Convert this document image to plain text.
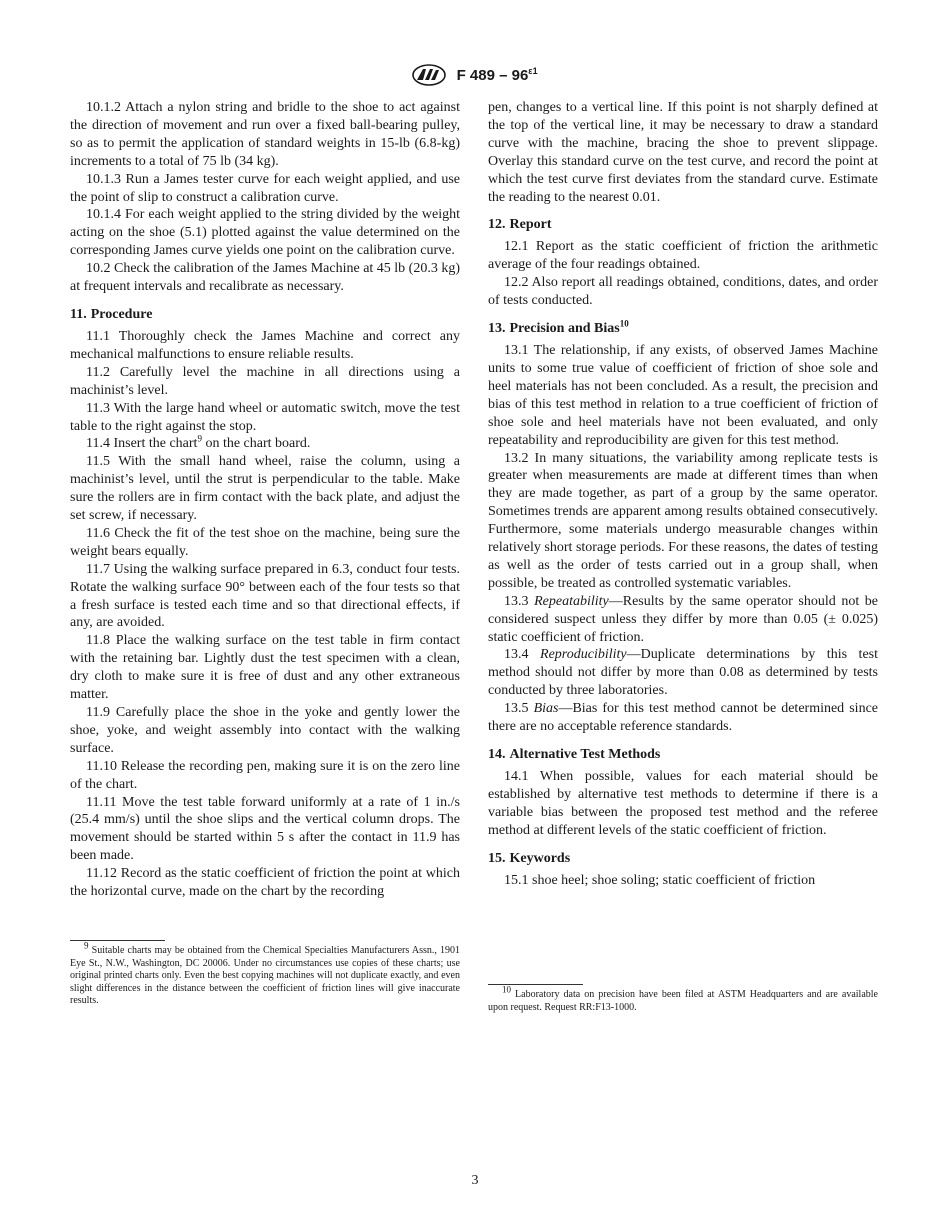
F $489 - 96^{\varepsilon 1}$

10.1.2 Attach a nylon string and bridle to the shoe to act against the direction of movement and run over a fixed ball-bearing pulley, so as to permit the application of standard weights in 15-lb (6.8-kg) increments to a total of 75 lb (34 kg).

10.1.3 Run a James tester curve for each weight applied, and use the point of slip to construct a calibration curve.

10.1.4 For each weight applied to the string divided by the weight acting on the shoe (5.1) plotted against the value determined on the corresponding James curve yields one point on the calibration curve.

10.2 Check the calibration of the James Machine at 45 lb (20.3 kg) at frequent intervals and recalibrate as necessary.

11. Procedure

11.1 Thoroughly check the James Machine and correct any mechanical malfunctions to ensure reliable results.

11.2 Carefully level the machine in all directions using a machinist’s level.

11.3 With the large hand wheel or automatic switch, move the test table to the right against the stop.

11.4 Insert the chart$^9$ on the chart board.

11.5 With the small hand wheel, raise the column, using a machinist’s level, until the strut is perpendicular to the table. Make sure the rollers are in firm contact with the back plate, and adjust the set screw, if necessary.

11.6 Check the fit of the test shoe on the machine, being sure the weight bears equally.

11.7 Using the walking surface prepared in 6.3, conduct four tests. Rotate the walking surface 90° between each of the four tests so that a fresh surface is tested each time and so that directional effects, if any, are avoided.

11.8 Place the walking surface on the test table in firm contact with the retaining bar. Lightly dust the test specimen with a clean, dry cloth to make sure it is free of dust and any other extraneous matter.

11.9 Carefully place the shoe in the yoke and gently lower the shoe, yoke, and weight assembly into contact with the walking surface.

11.10 Release the recording pen, making sure it is on the zero line of the chart.

11.11 Move the test table forward uniformly at a rate of 1 in./s (25.4 mm/s) until the shoe slips and the vertical column drops. The movement should be started within 5 s after the contact in 11.9 has been made.

11.12 Record as the static coefficient of friction the point at which the horizontal curve, made on the chart by the recording

$^9$ Suitable charts may be obtained from the Chemical Specialties Manufacturers Assn., 1901 Eye St., N.W., Washington, DC 20006. Under no circumstances use copies of these charts; use original printed charts only. Even the best copying machines will not duplicate exactly, and even slight differences in the distance between the coefficient of friction lines will give inaccurate results.

pen, changes to a vertical line. If this point is not sharply defined at the top of the vertical line, it may be necessary to draw a standard curve with the machine, bracing the shoe to prevent slippage. Overlay this standard curve on the test curve, and record the point at which the test curve first deviates from the standard curve. Estimate the reading to the nearest 0.01.

12. Report

12.1 Report as the static coefficient of friction the arithmetic average of the four readings obtained.

12.2 Also report all readings obtained, conditions, dates, and order of tests conducted.

13. Precision and Bias$^{10}$

13.1 The relationship, if any exists, of observed James Machine units to some true value of coefficient of friction of shoe sole and heel materials has not been concluded. As a result, the precision and bias of this test method in relation to a true coefficient of friction of shoe sole and heel materials have not been evaluated, and only repeatability and reproducibility are given for this test method.

13.2 In many situations, the variability among replicate tests is greater when measurements are made at different times than when they are made together, as part of a group by the same operator. Sometimes trends are apparent among results obtained consecutively. Furthermore, some materials undergo measurable changes within relatively short storage periods. For these reasons, the dates of testing as well as the order of tests carried out in a group shall, when possible, be treated as controlled systematic variables.

13.3 Repeatability—Results by the same operator should not be considered suspect unless they differ by more than 0.05 (± 0.025) static coefficient of friction.

13.4 Reproducibility—Duplicate determinations by this test method should not differ by more than 0.08 as determined by tests conducted by three laboratories.

13.5 Bias—Bias for this test method cannot be determined since there are no acceptable reference standards.

14. Alternative Test Methods

14.1 When possible, values for each material should be established by alternative test methods to determine if there is a variable bias between the proposed test method and the referee method at different levels of the static coefficient of friction.

15. Keywords

15.1 shoe heel; shoe soling; static coefficient of friction

$^{10}$ Laboratory data on precision have been filed at ASTM Headquarters and are available upon request. Request RR:F13-1000.

3
